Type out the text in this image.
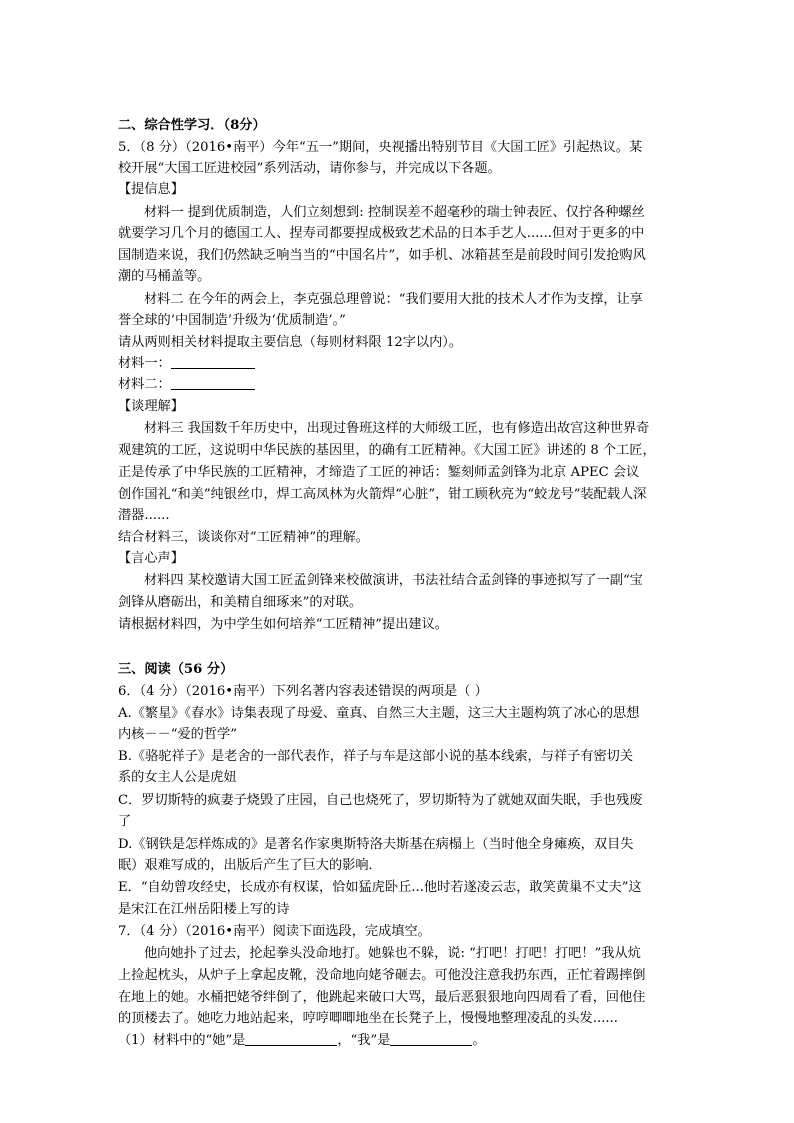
二、综合性学习．（8分）
5．（8 分）（2016•南平）今年“五一”期间，央视播出特别节目《大国工匠》引起热议。某
校开展“大国工匠进校园”系列活动，请你参与，并完成以下各题。
【提信息】
材料一 提到优质制造，人们立刻想到: 控制误差不超毫秒的瑞士钟表匠、仅拧各种螺丝
就要学习几个月的德国工人、捏寿司都要捏成极致艺术品的日本手艺人......但对于更多的中
国制造来说，我们仍然缺乏响当当的“中国名片”，如手机、冰箱甚至是前段时间引发抢购风
潮的马桶盖等。
材料二 在今年的两会上，李克强总理曾说：“我们要用大批的技术人才作为支撑，让享
誉全球的‘中国制造’升级为‘优质制造’。”
请从两则相关材料提取主要信息（每则材料限 12字以内）。
材料一：
材料二：
【谈理解】
材料三 我国数千年历史中，出现过鲁班这样的大师级工匠，也有修造出故宫这种世界奇
观建筑的工匠，这说明中华民族的基因里，的确有工匠精神。《大国工匠》讲述的 8 个工匠，
正是传承了中华民族的工匠精神，才缔造了工匠的神话：錾刻师孟剑锋为北京 APEC 会议
创作国礼“和美”纯银丝巾，焊工高凤林为火箭焊“心脏”，钳工顾秋亮为“蛟龙号”装配载人深
潜器......
结合材料三，谈谈你对“工匠精神”的理解。
【言心声】
材料四 某校邀请大国工匠孟剑锋来校做演讲，书法社结合孟剑锋的事迹拟写了一副“宝
剑锋从磨砺出，和美精自细琢来”的对联。
请根据材料四，为中学生如何培养“工匠精神”提出建议。
三、阅读（56 分）
6．（4 分）（2016•南平）下列名著内容表述错误的两项是（ ）
A.《繁星》《春水》诗集表现了母爱、童真、自然三大主题，这三大主题构筑了冰心的思想
内核－－“爱的哲学”
B.《骆驼祥子》是老舍的一部代表作，祥子与车是这部小说的基本线索，与祥子有密切关
系的女主人公是虎妞
C．罗切斯特的疯妻子烧毁了庄园，自己也烧死了，罗切斯特为了就她双面失眠，手也残废
了
D.《钢铁是怎样炼成的》是著名作家奥斯特洛夫斯基在病榻上（当时他全身瘫痪，双目失
眠）艰难写成的，出版后产生了巨大的影响．
E．“自幼曾攻经史，长成亦有权谋，恰如猛虎卧丘...他时若遂凌云志，敢笑黄巢不丈夫”这
是宋江在江州岳阳楼上写的诗
7．（4 分）（2016•南平）阅读下面选段，完成填空。
他向她扑了过去，抡起拳头没命地打。她躲也不躲，说: “打吧！打吧！打吧！”我从炕
上捡起枕头，从炉子上拿起皮靴，没命地向姥爷砸去。可他没注意我扔东西，正忙着踢摔倒
在地上的她。水桶把姥爷绊倒了，他跳起来破口大骂，最后恶狠狠地向四周看了看，回他住
的顶楼去了。她吃力地站起来，哼哼唧唧地坐在长凳子上，慢慢地整理凌乱的头发......
（1）材料中的“她”是	，“我”是	。
